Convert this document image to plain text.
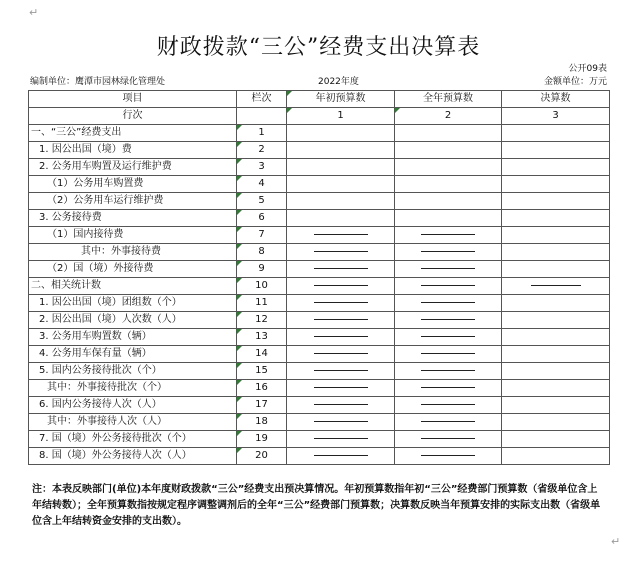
↵
↵
财政拨款“三公”经费支出决算表
公开09表
编制单位：鹰潭市园林绿化管理处	2022年度	金额单位：万元
项目	栏次	年初预算数	全年预算数	决算数
行次		1	2	3
一、“三公”经费支出	1			
1. 因公出国（境）费	2			
2. 公务用车购置及运行维护费	3			
（1）公务用车购置费	4			
（2）公务用车运行维护费	5			
3. 公务接待费	6			
（1）国内接待费	7	

其中：外事接待费	8	

（2）国（境）外接待费	9	

二、相关统计数	10	

1. 因公出国（境）团组数（个）	11	

2. 因公出国（境）人次数（人）	12	

3. 公务用车购置数（辆）	13	

4. 公务用车保有量（辆）	14	

5. 国内公务接待批次（个）	15	

其中：外事接待批次（个）	16	

6. 国内公务接待人次（人）	17	

其中：外事接待人次（人）	18	

7. 国（境）外公务接待批次（个）	19	

8. 国（境）外公务接待人次（人）	20	

注：本表反映部门(单位)本年度财政拨款“三公”经费支出预决算情况。年初预算数指年初“三公”经费部门预算数（省级单位含上年结转数）；全年预算数指按规定程序调整调剂后的全年“三公”经费部门预算数；决算数反映当年预算安排的实际支出数（省级单位含上年结转资金安排的支出数）。
